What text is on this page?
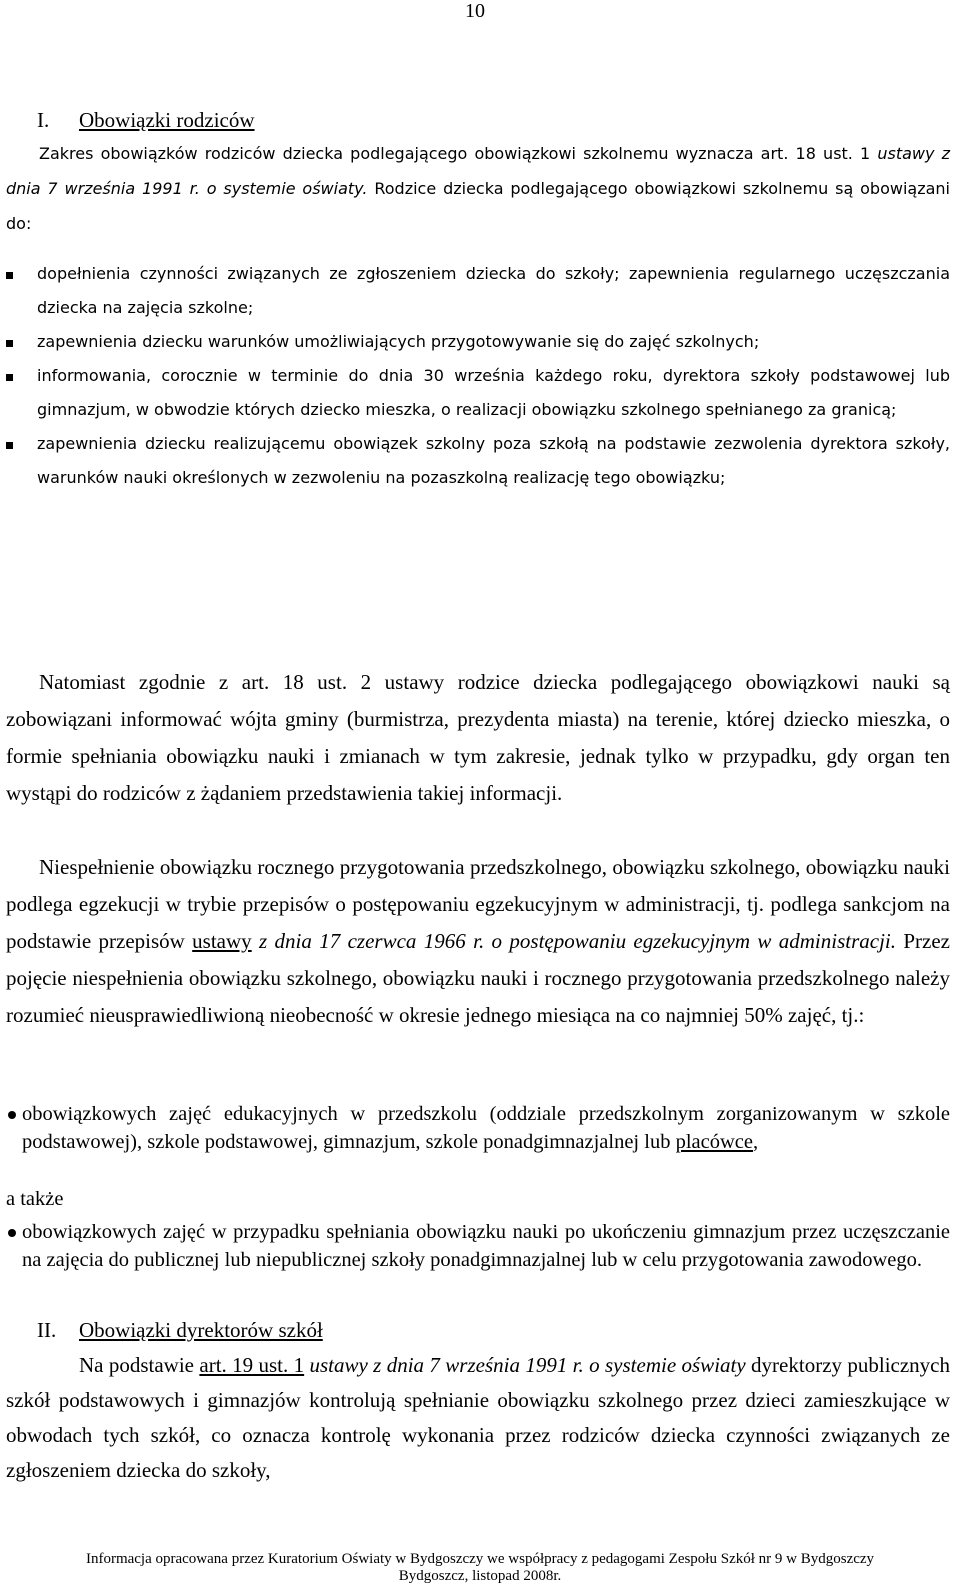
10
I. Obowiązki rodziców

Zakres obowiązków rodziców dziecka podlegającego obowiązkowi szkolnemu wyznacza art. 18 ust. 1 ustawy z dnia 7 września 1991 r. o systemie oświaty. Rodzice dziecka podlegającego obowiązkowi szkolnemu są obowiązani do:

dopełnienia czynności związanych ze zgłoszeniem dziecka do szkoły; zapewnienia regularnego uczęszczania dziecka na zajęcia szkolne;
zapewnienia dziecku warunków umożliwiających przygotowywanie się do zajęć szkolnych;
informowania, corocznie w terminie do dnia 30 września każdego roku, dyrektora szkoły podstawowej lub gimnazjum, w obwodzie których dziecko mieszka, o realizacji obowiązku szkolnego spełnianego za granicą;
zapewnienia dziecku realizującemu obowiązek szkolny poza szkołą na podstawie zezwolenia dyrektora szkoły, warunków nauki określonych w zezwoleniu na pozaszkolną realizację tego obowiązku;

Natomiast zgodnie z art. 18 ust. 2 ustawy rodzice dziecka podlegającego obowiązkowi nauki są zobowiązani informować wójta gminy (burmistrza, prezydenta miasta) na terenie, której dziecko mieszka, o formie spełniania obowiązku nauki i zmianach w tym zakresie, jednak tylko w przypadku, gdy organ ten wystąpi do rodziców z żądaniem przedstawienia takiej informacji.

Niespełnienie obowiązku rocznego przygotowania przedszkolnego, obowiązku szkolnego, obowiązku nauki podlega egzekucji w trybie przepisów o postępowaniu egzekucyjnym w administracji, tj. podlega sankcjom na podstawie przepisów ustawy z dnia 17 czerwca 1966 r. o postępowaniu egzekucyjnym w administracji. Przez pojęcie niespełnienia obowiązku szkolnego, obowiązku nauki i rocznego przygotowania przedszkolnego należy rozumieć nieusprawiedliwioną nieobecność w okresie jednego miesiąca na co najmniej 50% zajęć, tj.:

obowiązkowych zajęć edukacyjnych w przedszkolu (oddziale przedszkolnym zorganizowanym w szkole podstawowej), szkole podstawowej, gimnazjum, szkole ponadgimnazjalnej lub placówce,
a także
obowiązkowych zajęć w przypadku spełniania obowiązku nauki po ukończeniu gimnazjum przez uczęszczanie na zajęcia do publicznej lub niepublicznej szkoły ponadgimnazjalnej lub w celu przygotowania zawodowego.
II. Obowiązki dyrektorów szkół

Na podstawie art. 19 ust. 1 ustawy z dnia 7 września 1991 r. o systemie oświaty dyrektorzy publicznych szkół podstawowych i gimnazjów kontrolują spełnianie obowiązku szkolnego przez dzieci zamieszkujące w obwodach tych szkół, co oznacza kontrolę wykonania przez rodziców dziecka czynności związanych ze zgłoszeniem dziecka do szkoły,

Informacja opracowana przez Kuratorium Oświaty w Bydgoszczy we współpracy z pedagogami Zespołu Szkół nr 9 w Bydgoszczy
Bydgoszcz, listopad 2008r.
